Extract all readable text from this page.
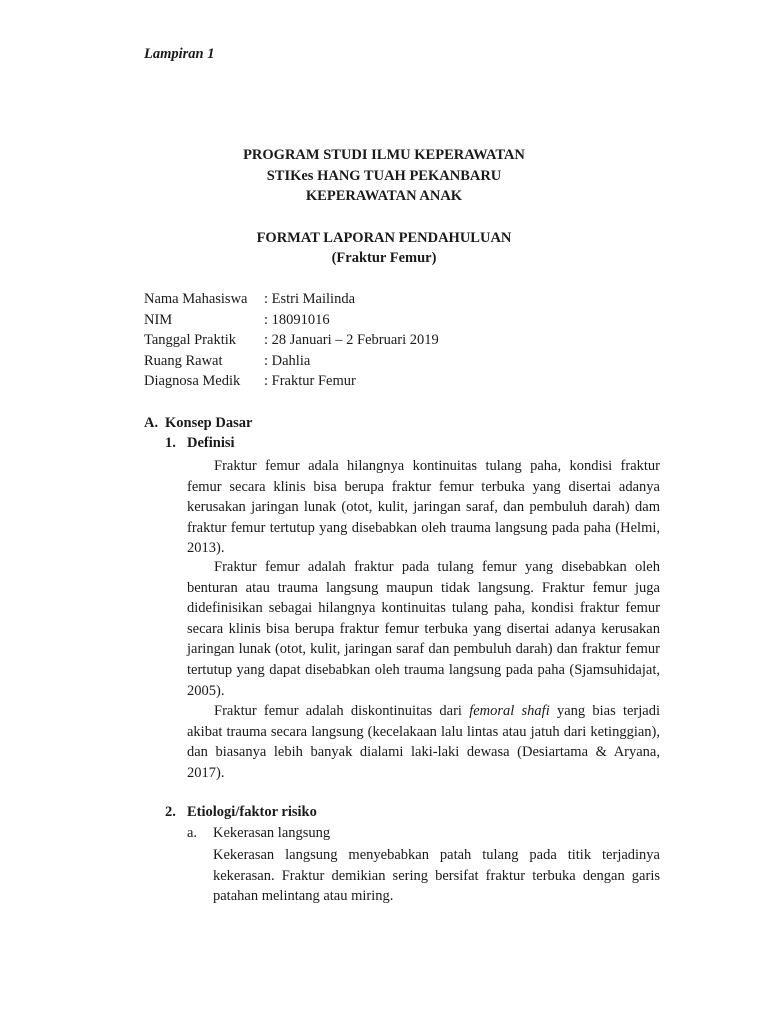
Lampiran 1
PROGRAM STUDI ILMU KEPERAWATAN
STIKes HANG TUAH PEKANBARU
KEPERAWATAN ANAK
FORMAT LAPORAN PENDAHULUAN
(Fraktur Femur)
Nama Mahasiswa : Estri Mailinda
NIM	: 18091016
Tanggal Praktik : 28 Januari – 2 Februari 2019
Ruang Rawat	: Dahlia
Diagnosa Medik : Fraktur Femur
A. Konsep Dasar
1. Definisi

Fraktur femur adala hilangnya kontinuitas tulang paha, kondisi fraktur femur secara klinis bisa berupa fraktur femur terbuka yang disertai adanya kerusakan jaringan lunak (otot, kulit, jaringan saraf, dan pembuluh darah) dam fraktur femur tertutup yang disebabkan oleh trauma langsung pada paha (Helmi, 2013).

Fraktur femur adalah fraktur pada tulang femur yang disebabkan oleh benturan atau trauma langsung maupun tidak langsung. Fraktur femur juga didefinisikan sebagai hilangnya kontinuitas tulang paha, kondisi fraktur femur secara klinis bisa berupa fraktur femur terbuka yang disertai adanya kerusakan jaringan lunak (otot, kulit, jaringan saraf dan pembuluh darah) dan fraktur femur tertutup yang dapat disebabkan oleh trauma langsung pada paha (Sjamsuhidajat, 2005).

Fraktur femur adalah diskontinuitas dari femoral shafi yang bias terjadi akibat trauma secara langsung (kecelakaan lalu lintas atau jatuh dari ketinggian), dan biasanya lebih banyak dialami laki-laki dewasa (Desiartama & Aryana, 2017).

2. Etiologi/faktor risiko
a. Kekerasan langsung

Kekerasan langsung menyebabkan patah tulang pada titik terjadinya kekerasan. Fraktur demikian sering bersifat fraktur terbuka dengan garis patahan melintang atau miring.
